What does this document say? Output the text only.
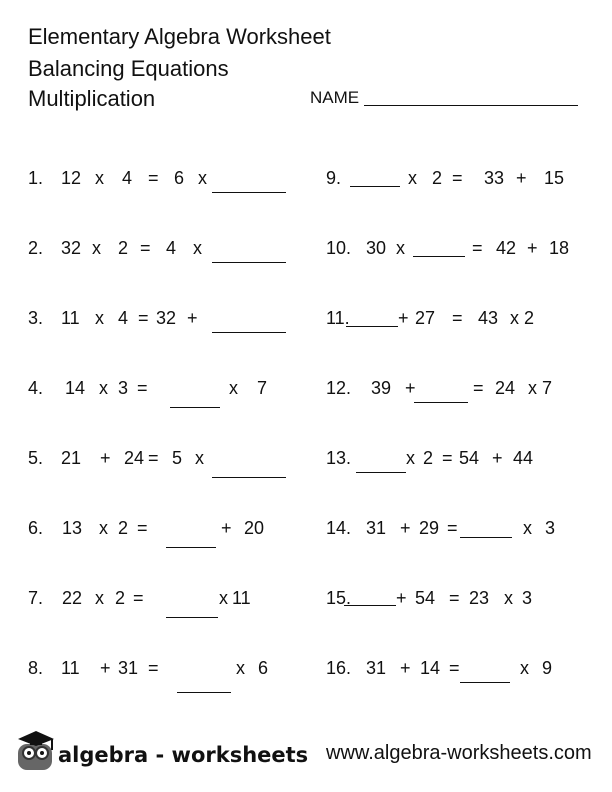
Elementary Algebra Worksheet
Balancing Equations
Multiplication	NAME
1. 12 x 4 = 6 x
2. 32 x 2 = 4 x
3. 11 x 4 = 32 +
4. 14 x 3 =	x 7
5. 21 + 24 = 5 x
6. 13 x 2 =	+ 20
7. 22 x 2 =	x 11
8. 11 + 31 =	x 6
9.	x 2 = 33 + 15
10. 30 x	= 42 + 18
11.	+ 27 = 43 x 2
12. 39 +	= 24 x 7
13.	x 2 = 54 + 44
14. 31 + 29 =	x 3
15. + 54 = 23 x 3
16. 31 + 14 =	x 9
algebra - worksheets www.algebra-worksheets.com
